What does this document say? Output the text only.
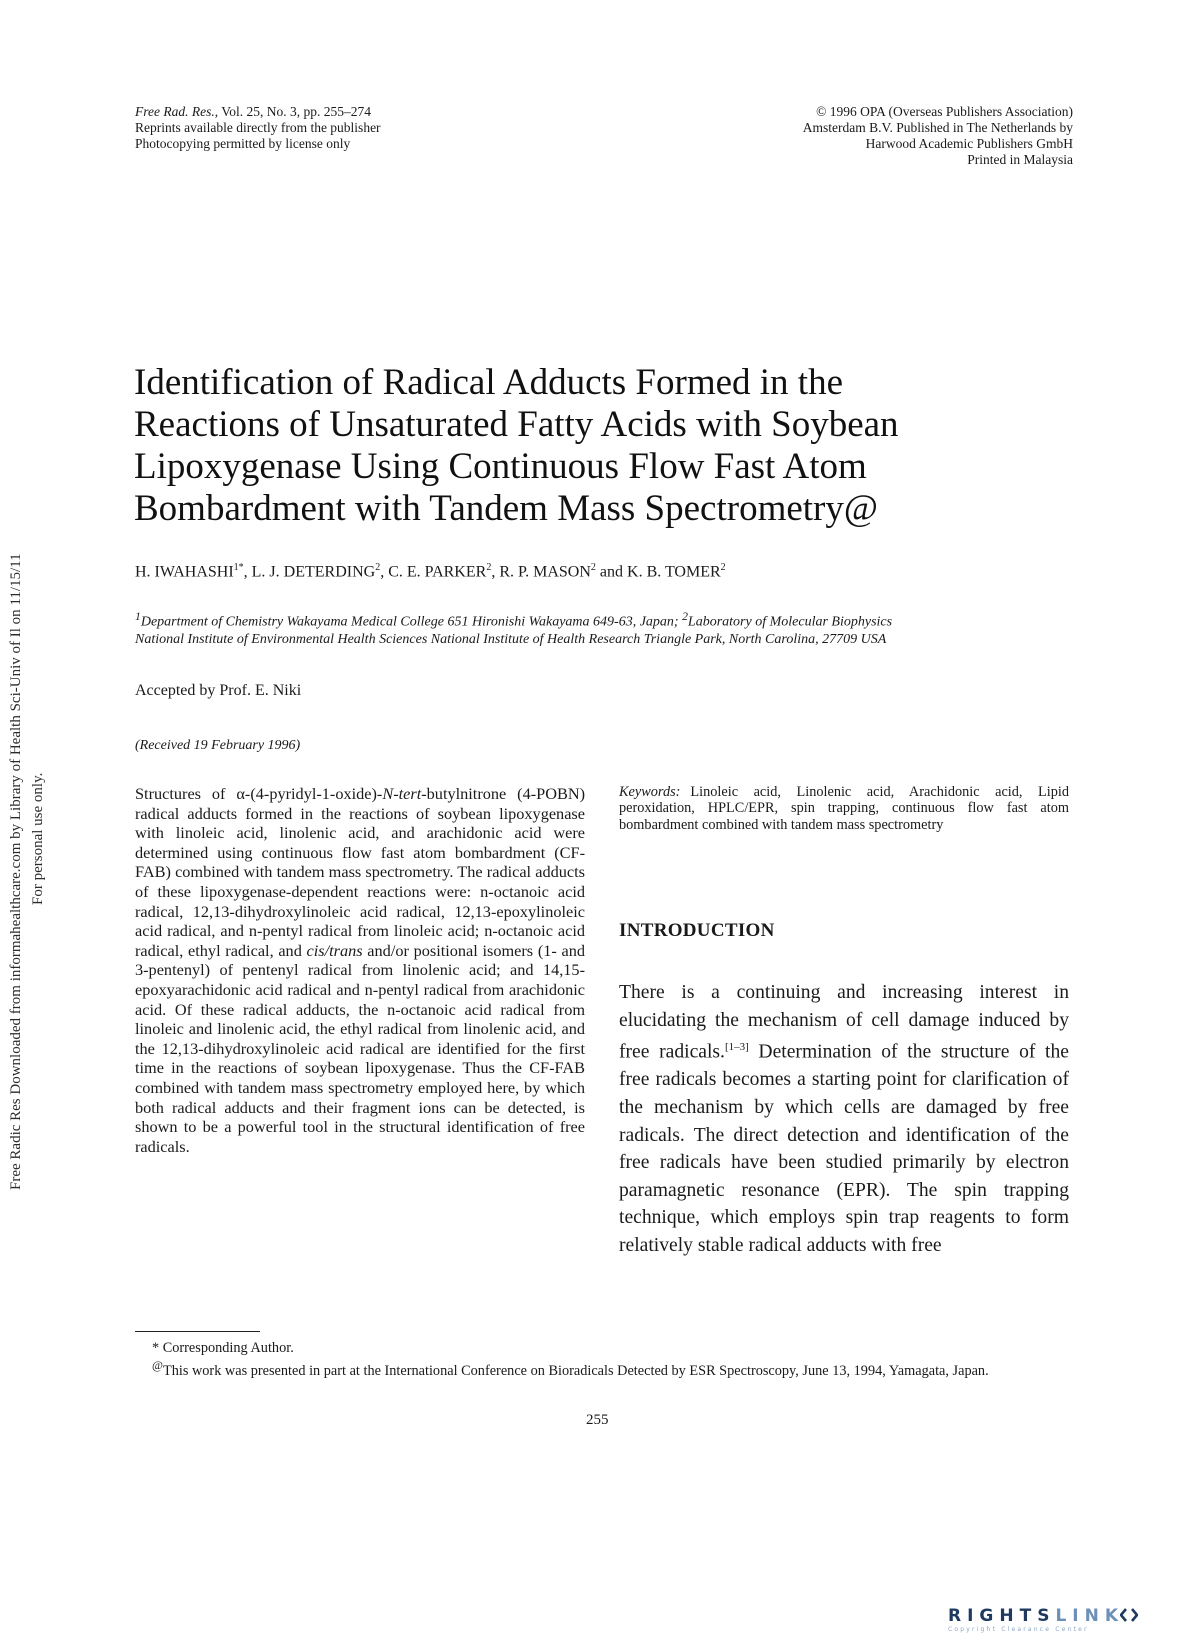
Free Radic Res Downloaded from informahealthcare.com by Library of Health Sci-Univ of Il on 11/15/11 For personal use only.
Free Rad. Res., Vol. 25, No. 3, pp. 255–274
Reprints available directly from the publisher
Photocopying permitted by license only
© 1996 OPA (Overseas Publishers Association)
Amsterdam B.V. Published in The Netherlands by
Harwood Academic Publishers GmbH
Printed in Malaysia
Identification of Radical Adducts Formed in the
Reactions of Unsaturated Fatty Acids with Soybean
Lipoxygenase Using Continuous Flow Fast Atom
Bombardment with Tandem Mass Spectrometry@
H. $IWAHASHI^{1*}$, L. J. DETERDING$^2$, C. E. PARKER$^2$, R. P. MASON$^2$ and K. B. TOMER$^2$
$^1$Department of Chemistry Wakayama Medical College 651 Hironishi Wakayama 649-63, Japan; $^2$Laboratory of Molecular Biophysics
National Institute of Environmental Health Sciences National Institute of Health Research Triangle Park, North Carolina, 27709 USA
Accepted by Prof. E. Niki
(Received 19 February 1996)

Structures of α-(4-pyridyl-1-oxide)-N-tert-butylnitrone (4-POBN) radical adducts formed in the reactions of soybean lipoxygenase with linoleic acid, linolenic acid, and arachidonic acid were determined using continuous flow fast atom bombardment (CF-FAB) combined with tandem mass spectrometry. The radical adducts of these lipoxygenase-dependent reactions were: n-octanoic acid radical, 12,13-dihydroxylinoleic acid radical, 12,13-epoxylinoleic acid radical, and n-pentyl radical from linoleic acid; n-octanoic acid radical, ethyl radical, and cis/trans and/or positional isomers (1- and 3-pentenyl) of pentenyl radical from linolenic acid; and 14,15-epoxyarachidonic acid radical and n-pentyl radical from arachidonic acid. Of these radical adducts, the n-octanoic acid radical from linoleic and linolenic acid, the ethyl radical from linolenic acid, and the 12,13-dihydroxylinoleic acid radical are identified for the first time in the reactions of soybean lipoxygenase. Thus the CF-FAB combined with tandem mass spectrometry employed here, by which both radical adducts and their fragment ions can be detected, is shown to be a powerful tool in the structural identification of free radicals.

Keywords: Linoleic acid, Linolenic acid, Arachidonic acid, Lipid peroxidation, HPLC/EPR, spin trapping, continuous flow fast atom bombardment combined with tandem mass spectrometry

INTRODUCTION

There is a continuing and increasing interest in elucidating the mechanism of cell damage induced by free radicals.[1–3] Determination of the structure of the free radicals becomes a starting point for clarification of the mechanism by which cells are damaged by free radicals. The direct detection and identification of the free radicals have been studied primarily by electron paramagnetic resonance (EPR). The spin trapping technique, which employs spin trap reagents to form relatively stable radical adducts with free

* Corresponding Author.

@This work was presented in part at the International Conference on Bioradicals Detected by ESR Spectroscopy, June 13, 1994, Yamagata, Japan.

255
RIGHTSLINK
Copyright Clearance Center
